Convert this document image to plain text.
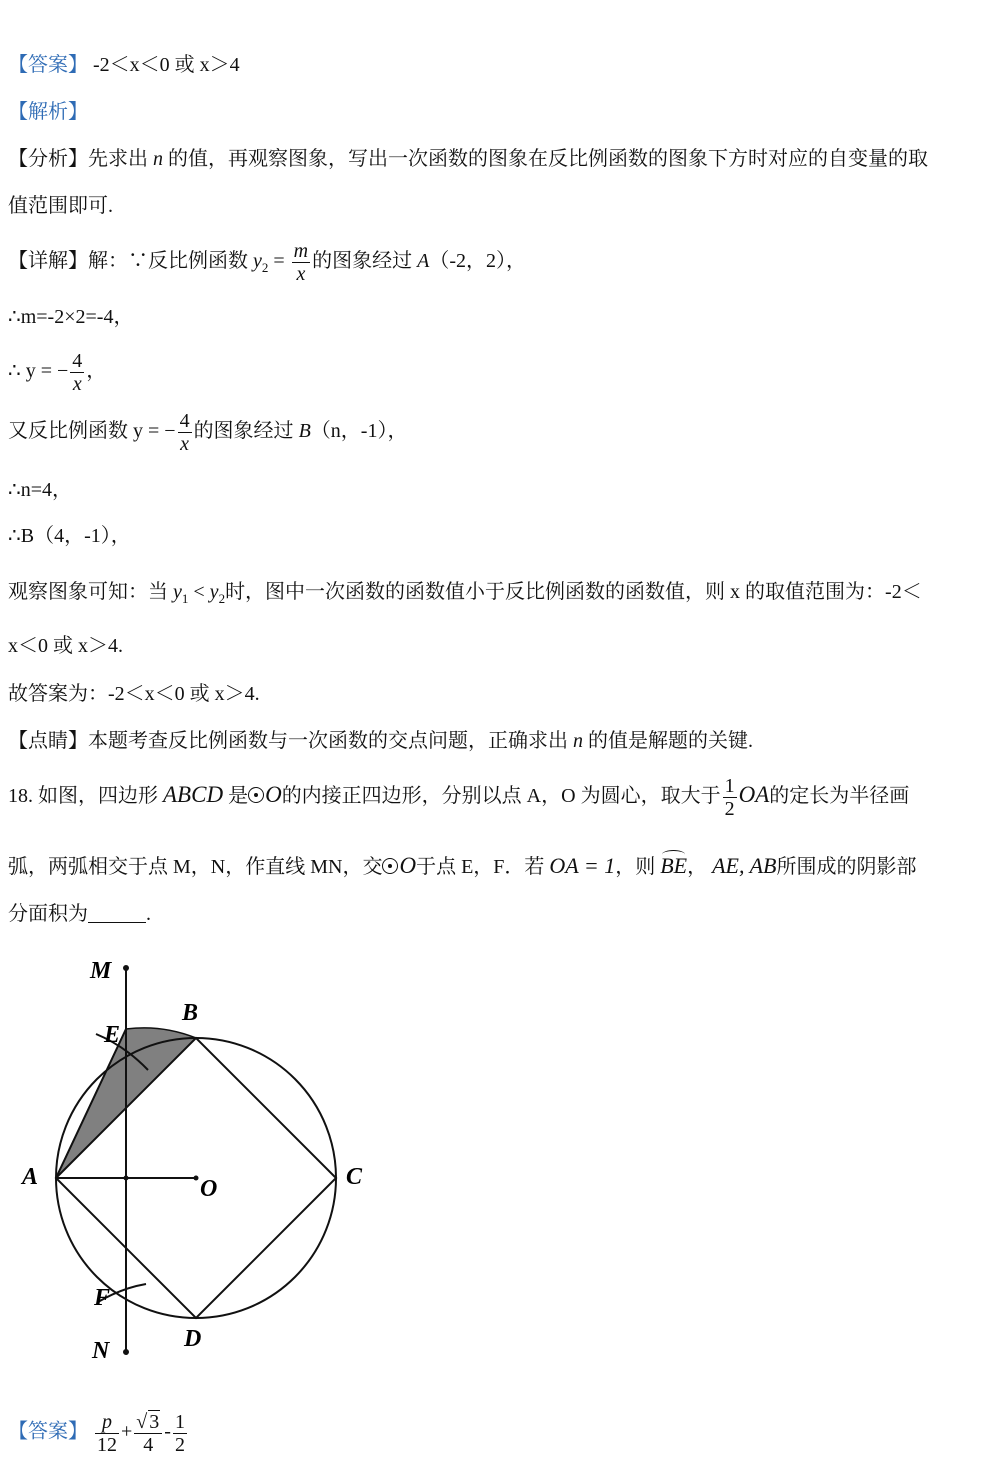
【答案】 -2＜x＜0 或 x＞4
【解析】
【分析】先求出 n 的值，再观察图象，写出一次函数的图象在反比例函数的图象下方时对应的自变量的取
值范围即可.
【详解】解：∵反比例函数 $y_2 = \frac{m}{x}$ 的图象经过 A（-2，2），
∴m=-2×2=-4，
∴ y = − $\frac{4}{x}$ ，
又反比例函数 y = − $\frac{4}{x}$ 的图象经过 B（n，-1），
∴n=4，
∴B（4，-1），
观察图象可知：当 $y_1 < y_2$时，图中一次函数的函数值小于反比例函数的函数值，则 x 的取值范围为：-2＜
x＜0 或 x＞4.
故答案为：-2＜x＜0 或 x＞4.
【点睛】本题考查反比例函数与一次函数的交点问题，正确求出 n 的值是解题的关键.
18. 如图，四边形 ABCD 是 O的内接正四边形，分别以点 A，O 为圆心，取大于 $\frac{1}{2}$ OA的定长为半径画
弧，两弧相交于点 M，N，作直线 MN，交 O于点 E，F．若 OA = 1，则 BE， AE, AB所围成的阴影部
分面积为	.
M
E
B
A	O	C
F
D
N
【答案】 $\frac{p}{12} + \frac{√ 3}{4} - \frac{1}{2}$
